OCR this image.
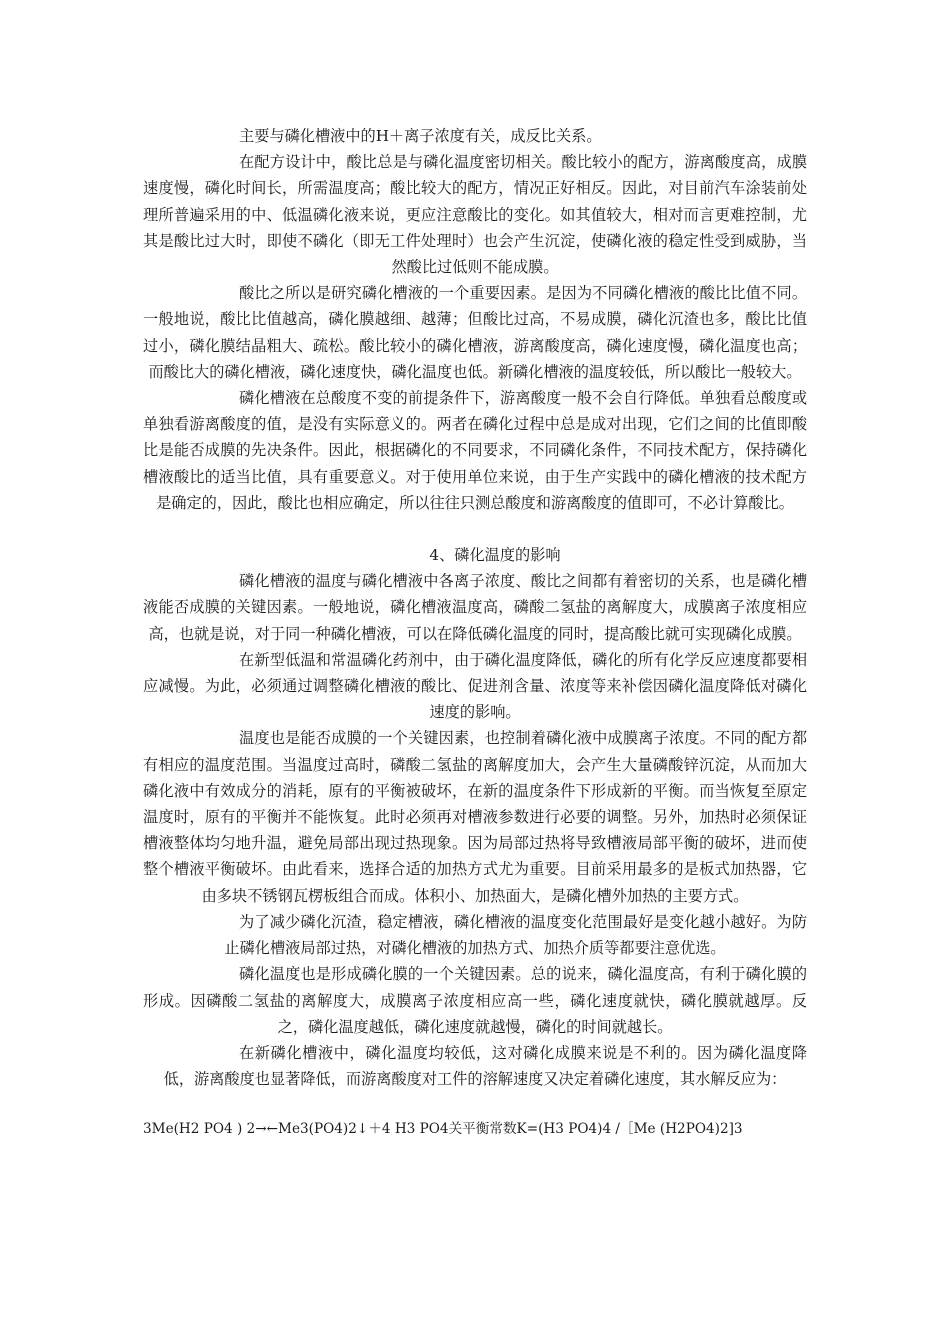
主要与磷化槽液中的H＋离子浓度有关，成反比关系。

在配方设计中，酸比总是与磷化温度密切相关。酸比较小的配方，游离酸度高，成膜速度慢，磷化时间长，所需温度高；酸比较大的配方，情况正好相反。因此，对目前汽车涂装前处理所普遍采用的中、低温磷化液来说，更应注意酸比的变化。如其值较大，相对而言更难控制，尤其是酸比过大时，即使不磷化（即无工件处理时）也会产生沉淀，使磷化液的稳定性受到威胁，当然酸比过低则不能成膜。

酸比之所以是研究磷化槽液的一个重要因素。是因为不同磷化槽液的酸比比值不同。一般地说，酸比比值越高，磷化膜越细、越薄；但酸比过高，不易成膜，磷化沉渣也多，酸比比值过小，磷化膜结晶粗大、疏松。酸比较小的磷化槽液，游离酸度高，磷化速度慢，磷化温度也高；而酸比大的磷化槽液，磷化速度快，磷化温度也低。新磷化槽液的温度较低，所以酸比一般较大。

磷化槽液在总酸度不变的前提条件下，游离酸度一般不会自行降低。单独看总酸度或单独看游离酸度的值，是没有实际意义的。两者在磷化过程中总是成对出现，它们之间的比值即酸比是能否成膜的先决条件。因此，根据磷化的不同要求，不同磷化条件，不同技术配方，保持磷化槽液酸比的适当比值，具有重要意义。对于使用单位来说，由于生产实践中的磷化槽液的技术配方是确定的，因此，酸比也相应确定，所以往往只测总酸度和游离酸度的值即可，不必计算酸比。

4、磷化温度的影响

磷化槽液的温度与磷化槽液中各离子浓度、酸比之间都有着密切的关系，也是磷化槽液能否成膜的关键因素。一般地说，磷化槽液温度高，磷酸二氢盐的离解度大，成膜离子浓度相应高，也就是说，对于同一种磷化槽液，可以在降低磷化温度的同时，提高酸比就可实现磷化成膜。

在新型低温和常温磷化药剂中，由于磷化温度降低，磷化的所有化学反应速度都要相应减慢。为此，必须通过调整磷化槽液的酸比、促进剂含量、浓度等来补偿因磷化温度降低对磷化速度的影响。

温度也是能否成膜的一个关键因素，也控制着磷化液中成膜离子浓度。不同的配方都有相应的温度范围。当温度过高时，磷酸二氢盐的离解度加大，会产生大量磷酸锌沉淀，从而加大磷化液中有效成分的消耗，原有的平衡被破坏，在新的温度条件下形成新的平衡。而当恢复至原定温度时，原有的平衡并不能恢复。此时必须再对槽液参数进行必要的调整。另外，加热时必须保证槽液整体均匀地升温，避免局部出现过热现象。因为局部过热将导致槽液局部平衡的破坏，进而使整个槽液平衡破坏。由此看来，选择合适的加热方式尤为重要。目前采用最多的是板式加热器，它由多块不锈钢瓦楞板组合而成。体积小、加热面大，是磷化槽外加热的主要方式。

为了减少磷化沉渣，稳定槽液，磷化槽液的温度变化范围最好是变化越小越好。为防止磷化槽液局部过热，对磷化槽液的加热方式、加热介质等都要注意优选。

磷化温度也是形成磷化膜的一个关键因素。总的说来，磷化温度高，有利于磷化膜的形成。因磷酸二氢盐的离解度大，成膜离子浓度相应高一些，磷化速度就快，磷化膜就越厚。反之，磷化温度越低，磷化速度就越慢，磷化的时间就越长。

在新磷化槽液中，磷化温度均较低，这对磷化成膜来说是不利的。因为磷化温度降低，游离酸度也显著降低，而游离酸度对工件的溶解速度又决定着磷化速度，其水解反应为：

3Me(H2 PO4 ) 2→←Me3(PO4)2↓＋4 H3 PO4关平衡常数K=(H3 PO4)4 /［Me (H2PO4)2]3
